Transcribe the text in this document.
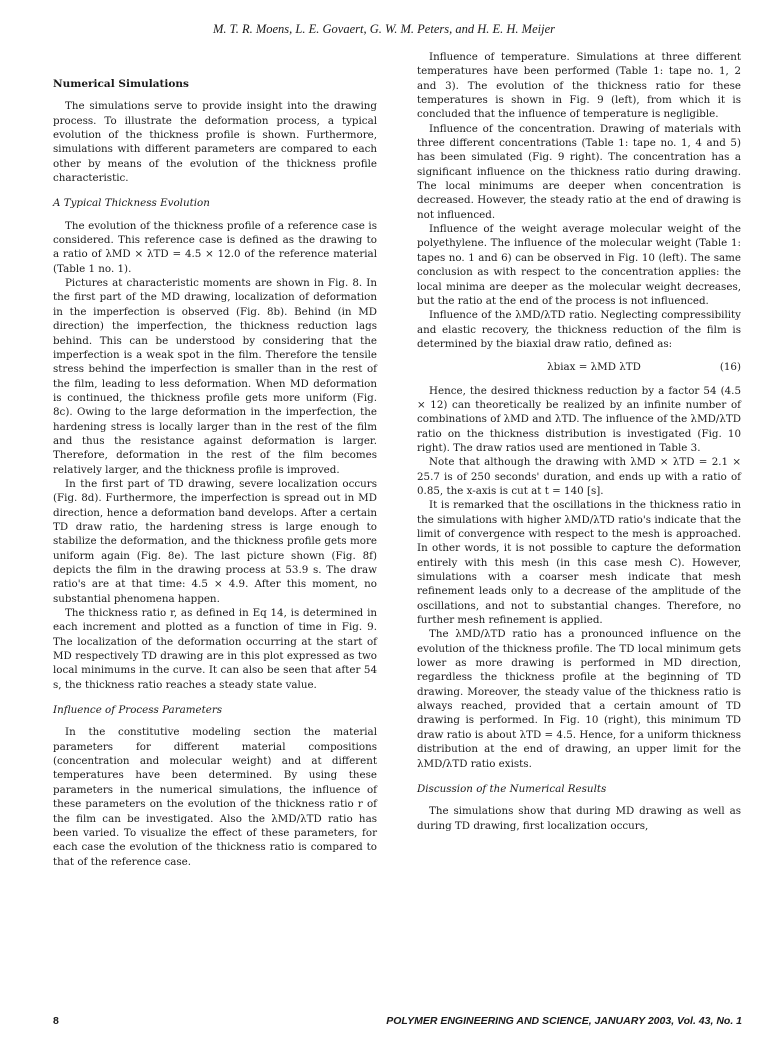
M. T. R. Moens, L. E. Govaert, G. W. M. Peters, and H. E. H. Meijer

Numerical Simulations

The simulations serve to provide insight into the drawing process. To illustrate the deformation process, a typical evolution of the thickness profile is shown. Furthermore, simulations with different parameters are compared to each other by means of the evolution of the thickness profile characteristic.

A Typical Thickness Evolution

The evolution of the thickness profile of a reference case is considered. This reference case is defined as the drawing to a ratio of λMD × λTD = 4.5 × 12.0 of the reference material (Table 1 no. 1).

Pictures at characteristic moments are shown in Fig. 8. In the first part of the MD drawing, localization of deformation in the imperfection is observed (Fig. 8b). Behind (in MD direction) the imperfection, the thickness reduction lags behind. This can be understood by considering that the imperfection is a weak spot in the film. Therefore the tensile stress behind the imperfection is smaller than in the rest of the film, leading to less deformation. When MD deformation is continued, the thickness profile gets more uniform (Fig. 8c). Owing to the large deformation in the imperfection, the hardening stress is locally larger than in the rest of the film and thus the resistance against deformation is larger. Therefore, deformation in the rest of the film becomes relatively larger, and the thickness profile is improved.

In the first part of TD drawing, severe localization occurs (Fig. 8d). Furthermore, the imperfection is spread out in MD direction, hence a deformation band develops. After a certain TD draw ratio, the hardening stress is large enough to stabilize the deformation, and the thickness profile gets more uniform again (Fig. 8e). The last picture shown (Fig. 8f) depicts the film in the drawing process at 53.9 s. The draw ratio's are at that time: 4.5 × 4.9. After this moment, no substantial phenomena happen.

The thickness ratio r, as defined in Eq 14, is determined in each increment and plotted as a function of time in Fig. 9. The localization of the deformation occurring at the start of MD respectively TD drawing are in this plot expressed as two local minimums in the curve. It can also be seen that after 54 s, the thickness ratio reaches a steady state value.

Influence of Process Parameters

In the constitutive modeling section the material parameters for different material compositions (concentration and molecular weight) and at different temperatures have been determined. By using these parameters in the numerical simulations, the influence of these parameters on the evolution of the thickness ratio r of the film can be investigated. Also the λMD/λTD ratio has been varied. To visualize the effect of these parameters, for each case the evolution of the thickness ratio is compared to that of the reference case.

Influence of temperature. Simulations at three different temperatures have been performed (Table 1: tape no. 1, 2 and 3). The evolution of the thickness ratio for these temperatures is shown in Fig. 9 (left), from which it is concluded that the influence of temperature is negligible.

Influence of the concentration. Drawing of materials with three different concentrations (Table 1: tape no. 1, 4 and 5) has been simulated (Fig. 9 right). The concentration has a significant influence on the thickness ratio during drawing. The local minimums are deeper when concentration is decreased. However, the steady ratio at the end of drawing is not influenced.

Influence of the weight average molecular weight of the polyethylene. The influence of the molecular weight (Table 1: tapes no. 1 and 6) can be observed in Fig. 10 (left). The same conclusion as with respect to the concentration applies: the local minima are deeper as the molecular weight decreases, but the ratio at the end of the process is not influenced.

Influence of the λMD/λTD ratio. Neglecting compressibility and elastic recovery, the thickness reduction of the film is determined by the biaxial draw ratio, defined as:

λbiax = λMD λTD	(16)

Hence, the desired thickness reduction by a factor 54 (4.5 × 12) can theoretically be realized by an infinite number of combinations of λMD and λTD. The influence of the λMD/λTD ratio on the thickness distribution is investigated (Fig. 10 right). The draw ratios used are mentioned in Table 3.

Note that although the drawing with λMD × λTD = 2.1 × 25.7 is of 250 seconds' duration, and ends up with a ratio of 0.85, the x-axis is cut at t = 140 [s].

It is remarked that the oscillations in the thickness ratio in the simulations with higher λMD/λTD ratio's indicate that the limit of convergence with respect to the mesh is approached. In other words, it is not possible to capture the deformation entirely with this mesh (in this case mesh C). However, simulations with a coarser mesh indicate that mesh refinement leads only to a decrease of the amplitude of the oscillations, and not to substantial changes. Therefore, no further mesh refinement is applied.

The λMD/λTD ratio has a pronounced influence on the evolution of the thickness profile. The TD local minimum gets lower as more drawing is performed in MD direction, regardless the thickness profile at the beginning of TD drawing. Moreover, the steady value of the thickness ratio is always reached, provided that a certain amount of TD drawing is performed. In Fig. 10 (right), this minimum TD draw ratio is about λTD = 4.5. Hence, for a uniform thickness distribution at the end of drawing, an upper limit for the λMD/λTD ratio exists.

Discussion of the Numerical Results

The simulations show that during MD drawing as well as during TD drawing, first localization occurs,

8	POLYMER ENGINEERING AND SCIENCE, JANUARY 2003, Vol. 43, No. 1
